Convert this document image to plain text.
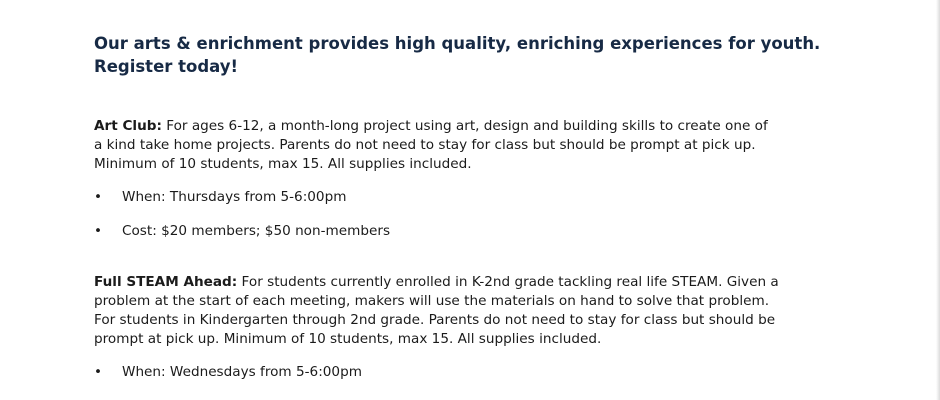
Our arts & enrichment provides high quality, enriching experiences for youth.
Register today!

Art Club: For ages 6-12, a month-long project using art, design and building skills to create one of
a kind take home projects. Parents do not need to stay for class but should be prompt at pick up.
Minimum of 10 students, max 15. All supplies included.

• When: Thursdays from 5-6:00pm
• Cost: $20 members; $50 non-members

Full STEAM Ahead: For students currently enrolled in K-2nd grade tackling real life STEAM. Given a
problem at the start of each meeting, makers will use the materials on hand to solve that problem.
For students in Kindergarten through 2nd grade. Parents do not need to stay for class but should be
prompt at pick up. Minimum of 10 students, max 15. All supplies included.

• When: Wednesdays from 5-6:00pm
